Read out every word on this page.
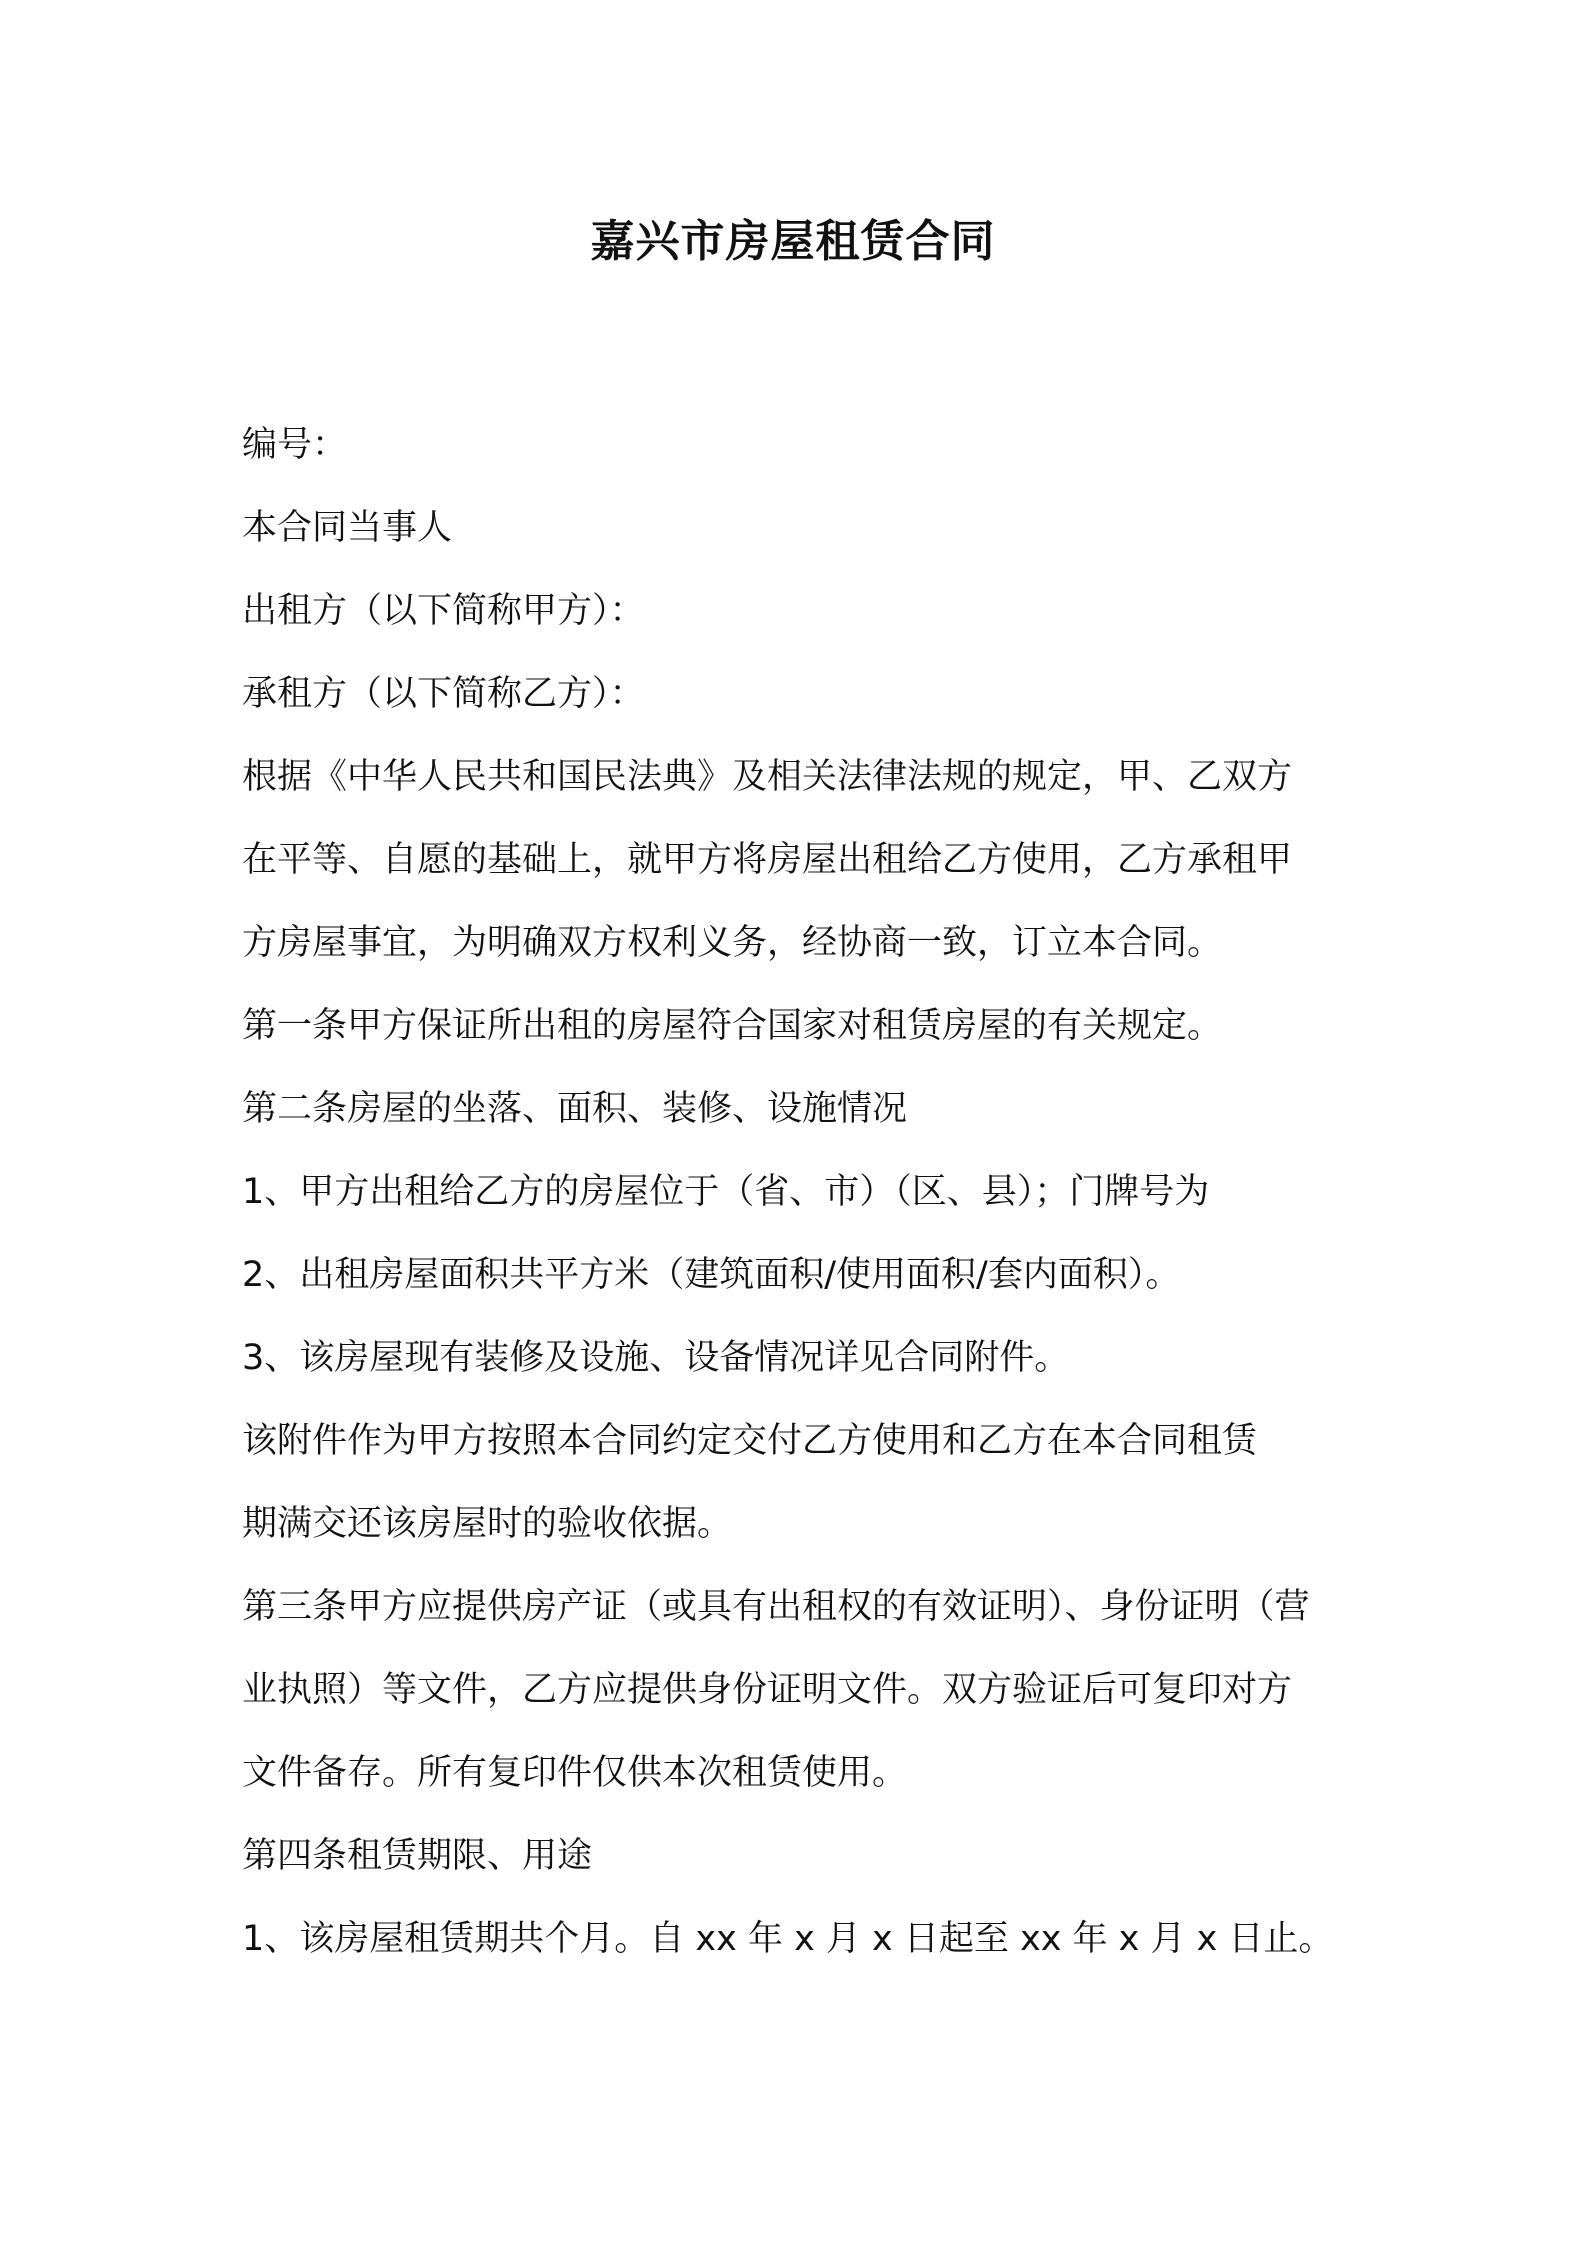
嘉兴市房屋租赁合同
编号：
本合同当事人
出租方（以下简称甲方）：
承租方（以下简称乙方）：
根据《中华人民共和国民法典》及相关法律法规的规定，甲、乙双方
在平等、自愿的基础上，就甲方将房屋出租给乙方使用，乙方承租甲
方房屋事宜，为明确双方权利义务，经协商一致，订立本合同。
第一条甲方保证所出租的房屋符合国家对租赁房屋的有关规定。
第二条房屋的坐落、面积、装修、设施情况
1、甲方出租给乙方的房屋位于（省、市）（区、县）；门牌号为
2、出租房屋面积共平方米（建筑面积/使用面积/套内面积）。
3、该房屋现有装修及设施、设备情况详见合同附件。
该附件作为甲方按照本合同约定交付乙方使用和乙方在本合同租赁
期满交还该房屋时的验收依据。
第三条甲方应提供房产证（或具有出租权的有效证明）、身份证明（营
业执照）等文件，乙方应提供身份证明文件。双方验证后可复印对方
文件备存。所有复印件仅供本次租赁使用。
第四条租赁期限、用途
1、该房屋租赁期共个月。自 xx 年 x 月 x 日起至 xx 年 x 月 x 日止。
